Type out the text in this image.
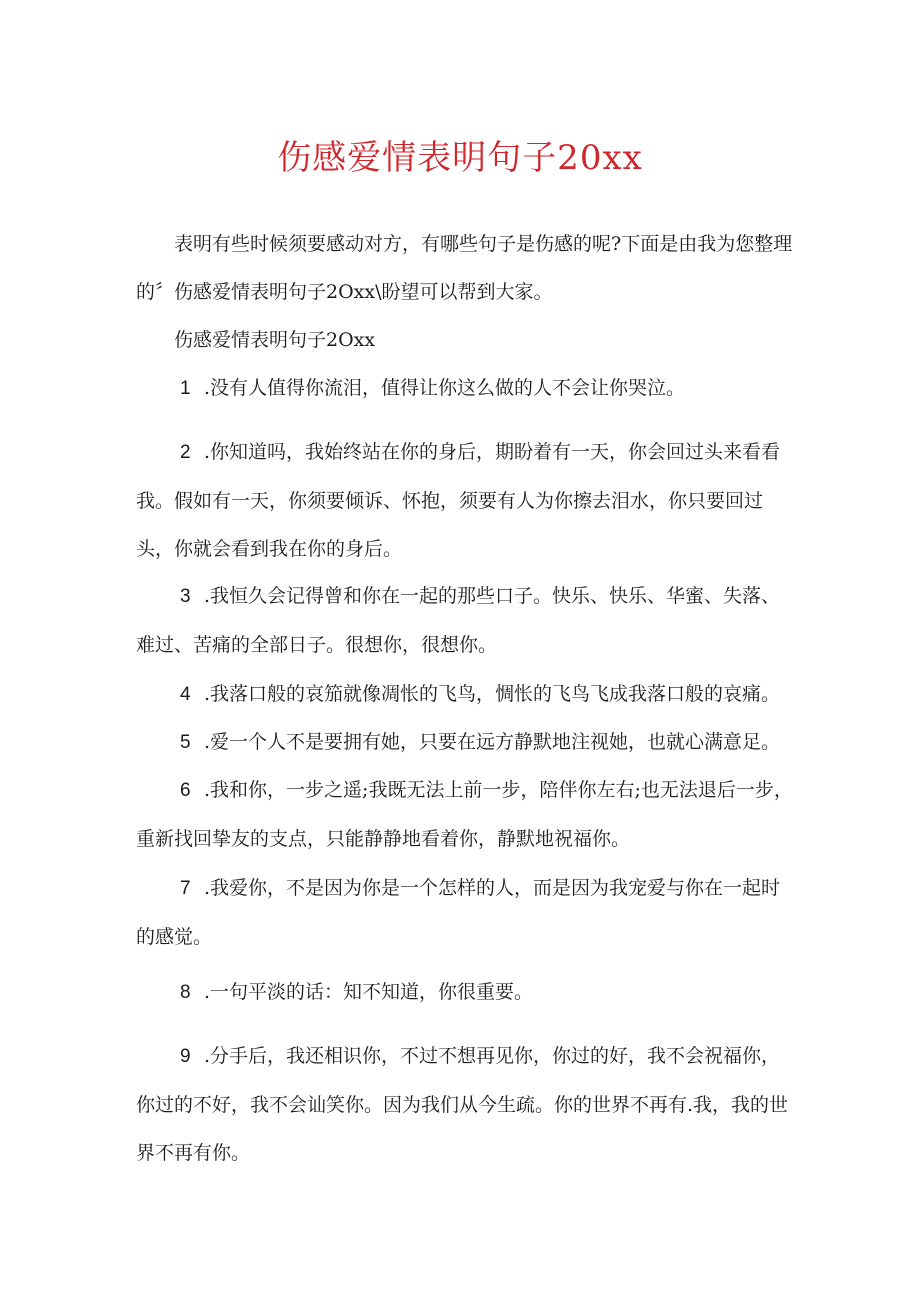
伤感爱情表明句子20xx

表明有些时候须要感动对方，有哪些句子是伤感的呢?下面是由我为您整理的〞伤感爱情表明句子2Oxx\盼望可以帮到大家。

伤感爱情表明句子2Oxx

1 .没有人值得你流泪，值得让你这么做的人不会让你哭泣。

2 .你知道吗，我始终站在你的身后，期盼着有一天，你会回过头来看看我。假如有一天，你须要倾诉、怀抱，须要有人为你擦去泪水，你只要回过头，你就会看到我在你的身后。

3 .我恒久会记得曾和你在一起的那些口子。快乐、快乐、华蜜、失落、难过、苦痛的全部日子。很想你，很想你。

4 .我落口般的哀笳就像凋怅的飞鸟，惆怅的飞鸟飞成我落口般的哀痛。

5 .爱一个人不是要拥有她，只要在远方静默地注视她，也就心满意足。

6 .我和你，一步之遥;我既无法上前一步，陪伴你左右;也无法退后一步，重新找回挚友的支点，只能静静地看着你，静默地祝福你。

7 .我爱你，不是因为你是一个怎样的人，而是因为我宠爱与你在一起时的感觉。

8 .一句平淡的话：知不知道，你很重要。

9 .分手后，我还相识你，不过不想再见你，你过的好，我不会祝福你，你过的不好，我不会讪笑你。因为我们从今生疏。你的世界不再有.我，我的世界不再有你。
